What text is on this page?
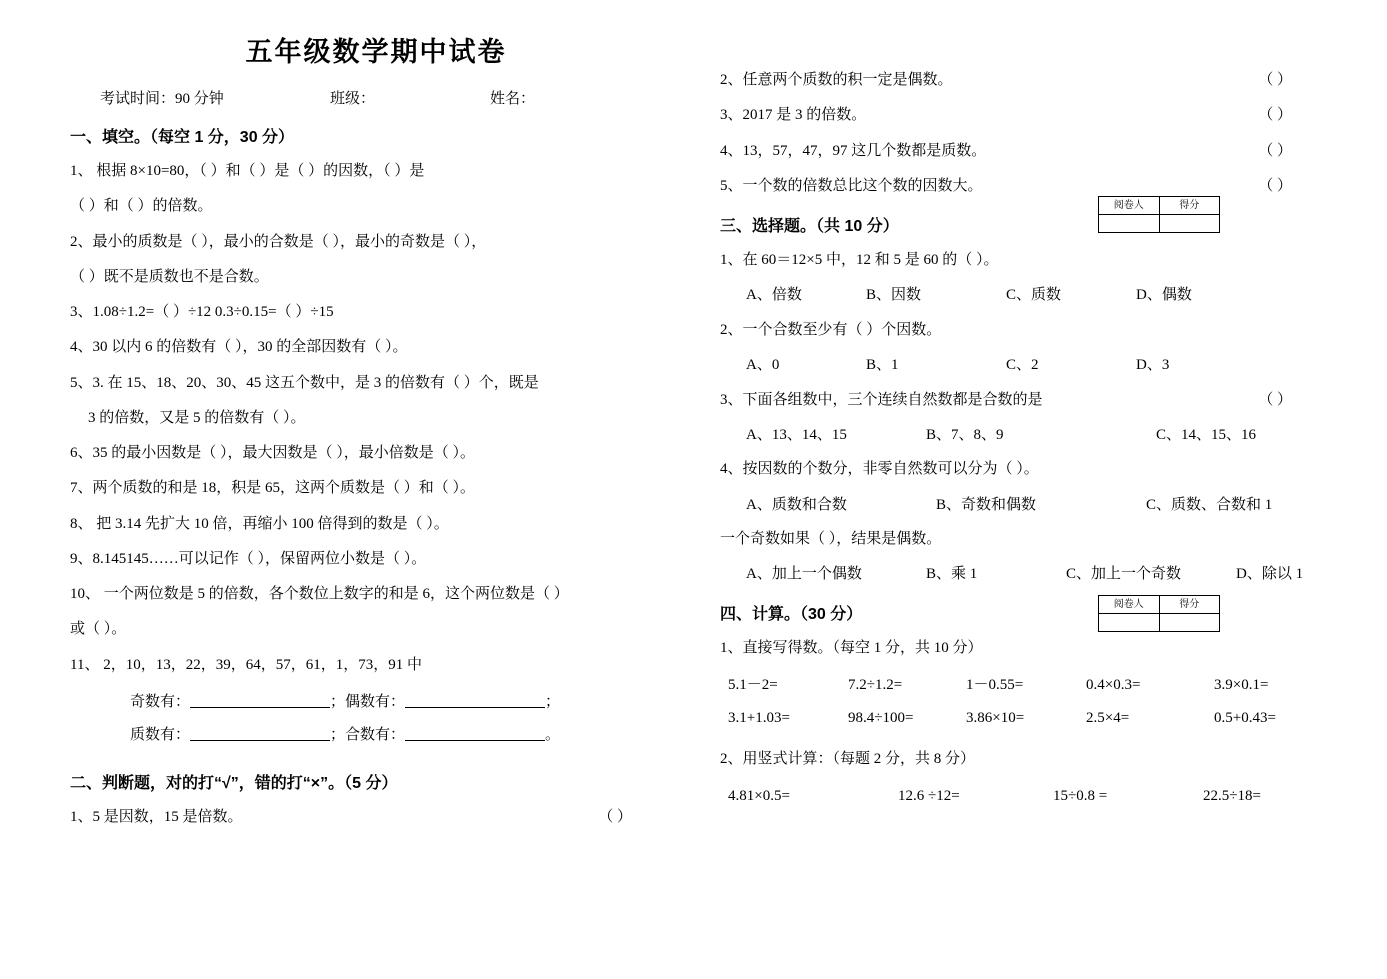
五年级数学期中试卷
考试时间：90 分钟	班级：	姓名：
一、填空。（每空 1 分，30 分）
1、 根据 8×10=80，（ ）和（ ）是（ ）的因数，（ ）是
（ ）和（ ）的倍数。
2、最小的质数是（ ），最小的合数是（ ），最小的奇数是（ ），
（ ）既不是质数也不是合数。
3、1.08÷1.2=（ ）÷12 0.3÷0.15=（ ）÷15
4、30 以内 6 的倍数有（ ），30 的全部因数有（ ）。
5、3. 在 15、18、20、30、45 这五个数中，是 3 的倍数有（ ）个，既是
3 的倍数，又是 5 的倍数有（ ）。
6、35 的最小因数是（ ），最大因数是（ ），最小倍数是（ ）。
7、两个质数的和是 18，积是 65，这两个质数是（ ）和（ ）。
8、 把 3.14 先扩大 10 倍，再缩小 100 倍得到的数是（ ）。
9、8.145145……可以记作（ ），保留两位小数是（ ）。
10、 一个两位数是 5 的倍数，各个数位上数字的和是 6，这个两位数是（ ）
或（ ）。
11、 2，10，13，22，39，64，57，61，1，73，91 中
奇数有：	；偶数有：	；
质数有：	；合数有：	。
二、判断题，对的打“√”，错的打“×”。（5 分）
1、5 是因数，15 是倍数。	（ ）
2、任意两个质数的积一定是偶数。	（ ）
3、2017 是 3 的倍数。	（ ）
4、13，57，47，97 这几个数都是质数。	（ ）
5、一个数的倍数总比这个数的因数大。	（ ）
三、选择题。（共 10 分）
1、在 60＝12×5 中，12 和 5 是 60 的（ ）。
A、倍数	B、因数	C、质数	D、偶数
2、一个合数至少有（ ）个因数。
A、0	B、1	C、2	D、3
3、下面各组数中，三个连续自然数都是合数的是	（ ）
A、13、14、15	B、7、8、9	C、14、15、16
4、按因数的个数分，非零自然数可以分为（ ）。
A、质数和合数	B、奇数和偶数	C、质数、合数和 1
一个奇数如果（ ），结果是偶数。
A、加上一个偶数	B、乘 1	C、加上一个奇数	D、除以 1
四、计算。（30 分）
1、直接写得数。（每空 1 分，共 10 分）
5.1－2=	7.2÷1.2=	1－0.55=	0.4×0.3=	3.9×0.1=
3.1+1.03=	98.4÷100=	3.86×10=	2.5×4=	0.5+0.43=
2、用竖式计算：（每题 2 分，共 8 分）
4.81×0.5=	12.6 ÷12=	15÷0.8 =	22.5÷18=
阅卷人	得分
阅卷人	得分
